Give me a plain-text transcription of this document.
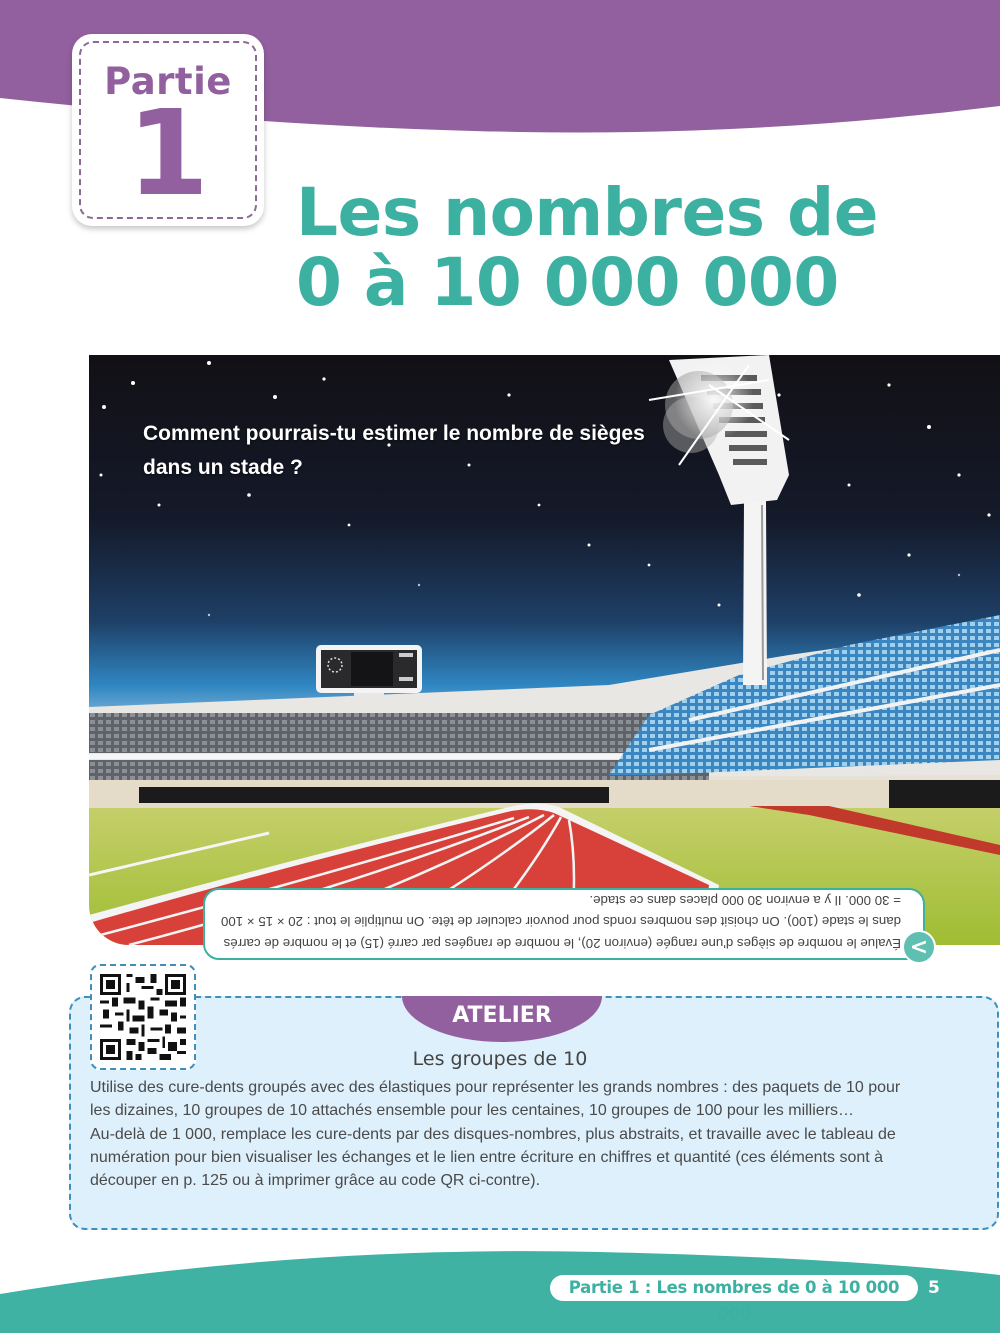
Partie
1	Les nombres de
0 à 10 000 000
Comment pourrais-tu estimer le nombre de sièges dans un stade ?
Évalue le nombre de sièges d'une rangée (environ 20), le nombre de rangées par carré (15) et le nombre de carrés dans le stade (100). On choisit des nombres ronds pour pouvoir calculer de tête. On multiplie le tout : 20 × 15 × 100 = 30 000. Il y a environ 30 000 places dans ce stade.
<
ATELIER
Les groupes de 10

Utilise des cure-dents groupés avec des élastiques pour représenter les grands nombres : des paquets de 10 pour les dizaines, 10 groupes de 10 attachés ensemble pour les centaines, 10 groupes de 100 pour les milliers…

Au-delà de 1 000, remplace les cure-dents par des disques-nombres, plus abstraits, et travaille avec le tableau de numération pour bien visualiser les échanges et le lien entre écriture en chiffres et quantité (ces éléments sont à découper en p. 125 ou à imprimer grâce au code QR ci-contre).

Partie 1 : Les nombres de 0 à 10 000 000
5
